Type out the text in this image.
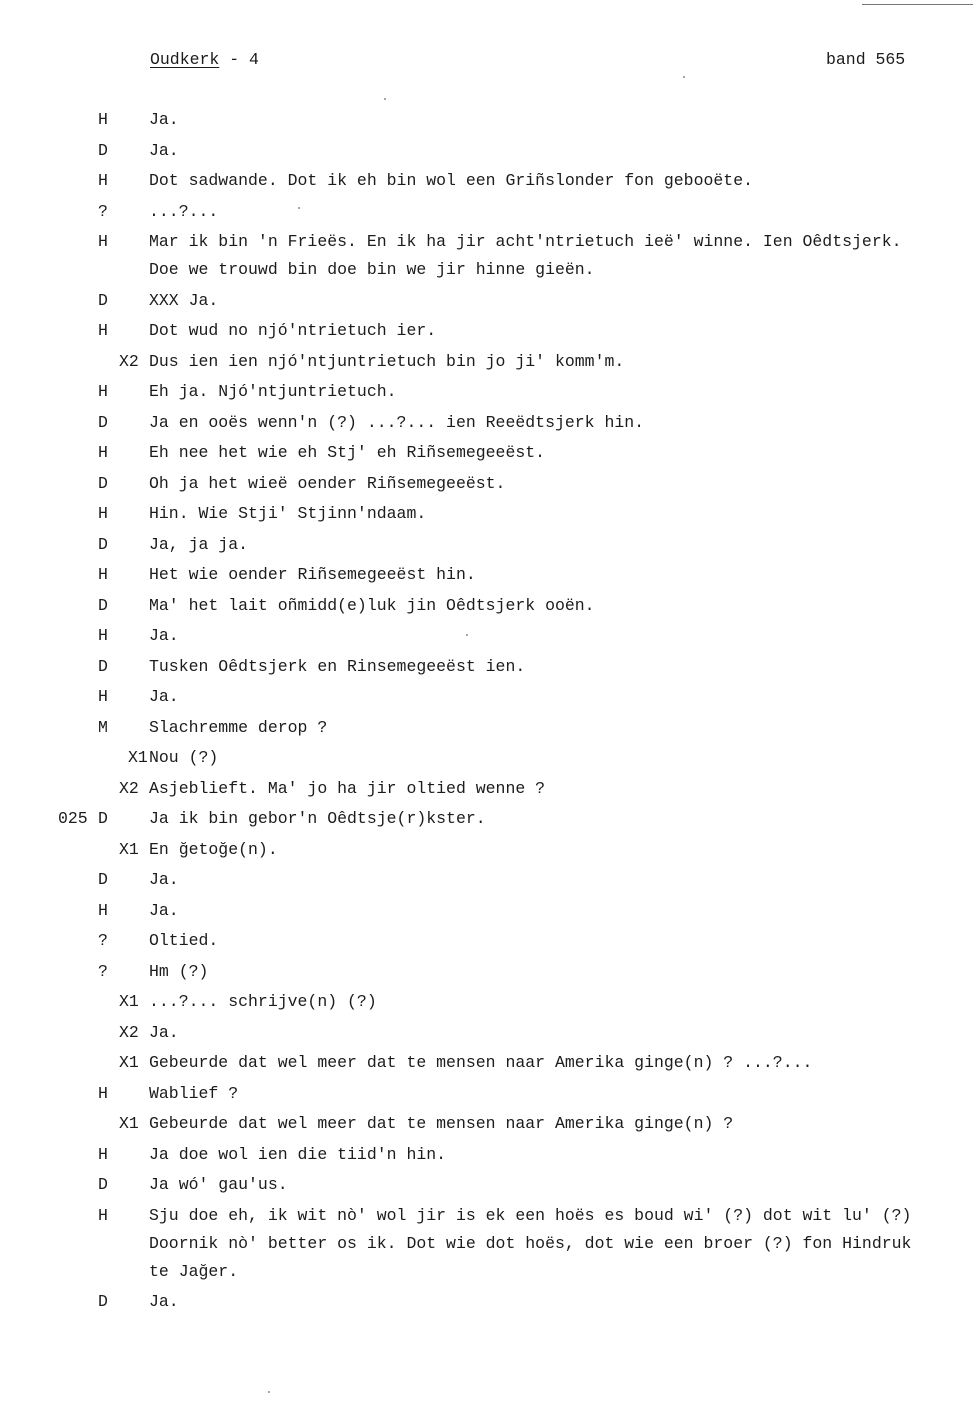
Oudkerk - 4	band 565
H Ja.
D Ja.
H Dot sadwande. Dot ik eh bin wol een Griñslonder fon gebooëte.
? ...?...
H Mar ik bin 'n Frieës. En ik ha jir acht'ntrietuch ieë' winne. Ien Oêdtsjerk.
Doe we trouwd bin doe bin we jir hinne gieën.
D XXX Ja.
H Dot wud no njó'ntrietuch ier.
X2 Dus ien ien njó'ntjuntrietuch bin jo ji' komm'm.
H Eh ja. Njó'ntjuntrietuch.
D Ja en ooës wenn'n (?) ...?... ien Reeëdtsjerk hin.
H Eh nee het wie eh Stj' eh Riñsemegeeëst.
D Oh ja het wieë oender Riñsemegeeëst.
H Hin. Wie Stji' Stjinn'ndaam.
D Ja, ja ja.
H Het wie oender Riñsemegeeëst hin.
D Ma' het lait oñmidd(e)luk jin Oêdtsjerk ooën.
H Ja.
D Tusken Oêdtsjerk en Rinsemegeeëst ien.
H Ja.
M Slachremme derop ?
X1 Nou (?)
X2 Asjeblieft. Ma' jo ha jir oltied wenne ?
025 D Ja ik bin gebor'n Oêdtsje(r)kster.
X1 En ğetoğe(n).
D Ja.
H Ja.
? Oltied.
? Hm (?)
X1 ...?... schrijve(n) (?)
X2 Ja.
X1 Gebeurde dat wel meer dat te mensen naar Amerika ginge(n) ? ...?...
H Wablief ?
X1 Gebeurde dat wel meer dat te mensen naar Amerika ginge(n) ?
H Ja doe wol ien die tiid'n hin.
D Ja wó' gau'us.
H Sju doe eh, ik wit nò' wol jir is ek een hoës es boud wi' (?) dot wit lu' (?)
Doornik nò' better os ik. Dot wie dot hoës, dot wie een broer (?) fon Hindruk
te Jağer.
D Ja.
